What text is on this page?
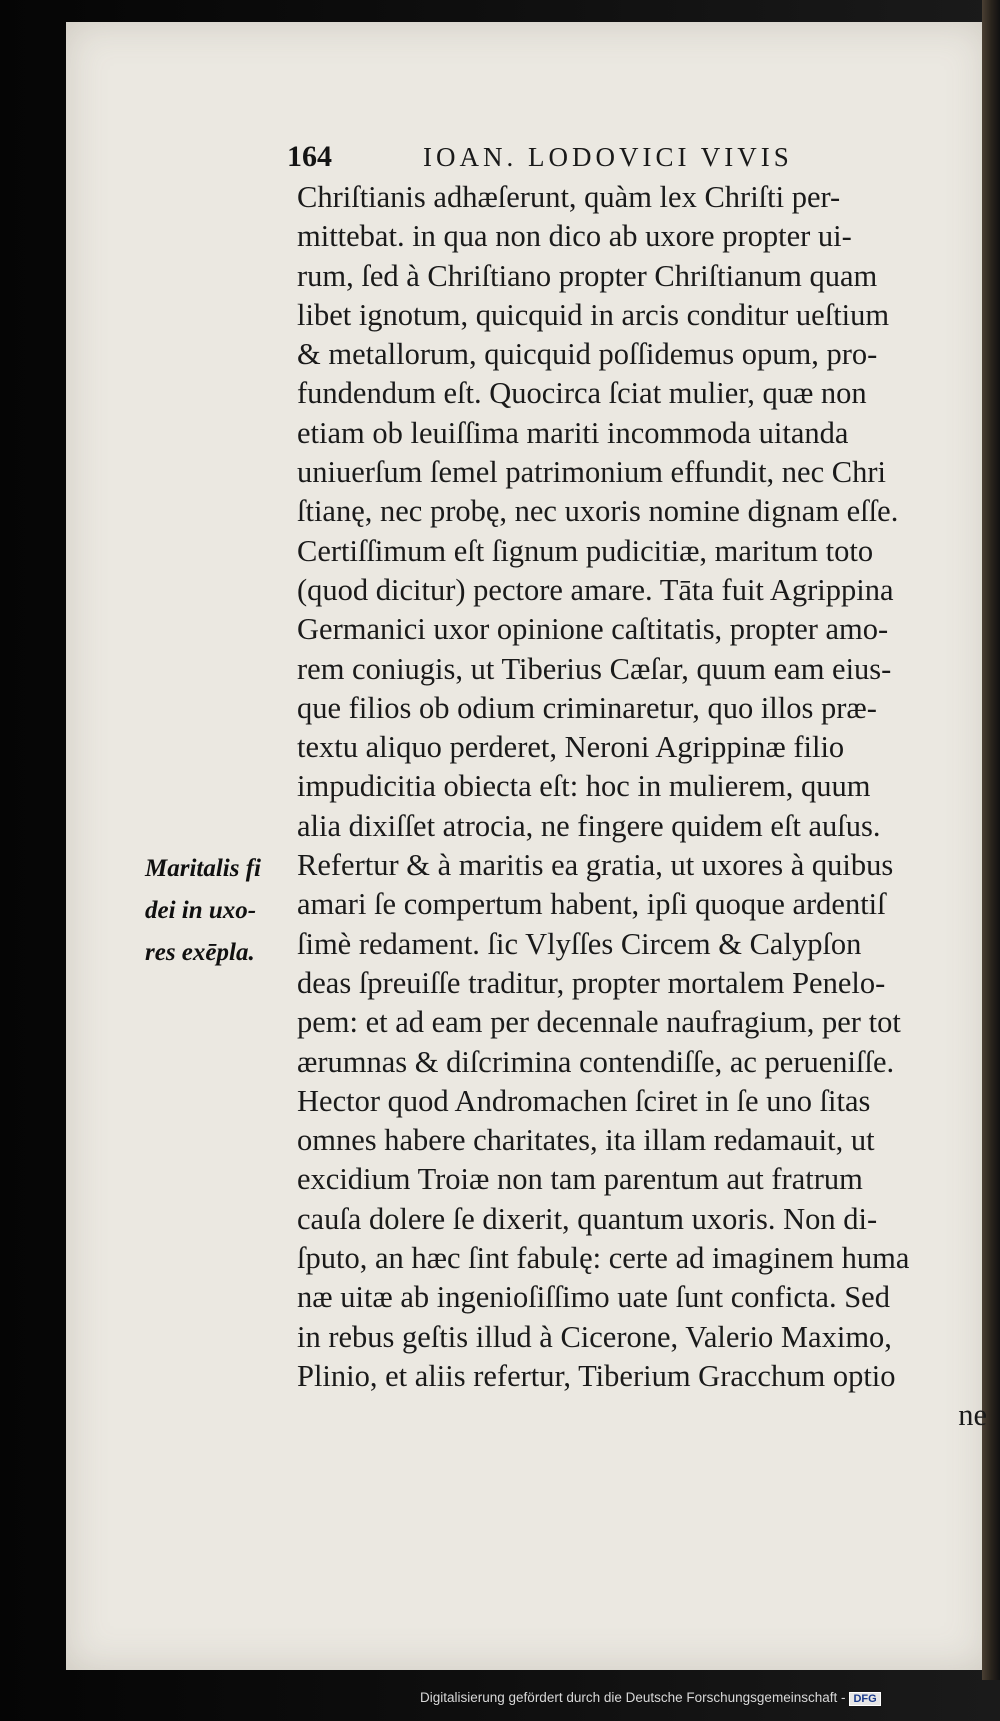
164	IOAN. LODOVICI VIVIS
Chriſtianis adhæſerunt, quàm lex Chriſti per-
mittebat. in qua non dico ab uxore propter ui-
rum, ſed à Chriſtiano propter Chriſtianum quam
libet ignotum, quicquid in arcis conditur ueſtium
& metallorum, quicquid poſſidemus opum, pro-
fundendum eſt. Quocirca ſciat mulier, quæ non
etiam ob leuiſſima mariti incommoda uitanda
uniuerſum ſemel patrimonium effundit, nec Chri
ſtianę, nec probę, nec uxoris nomine dignam eſſe.
Certiſſimum eſt ſignum pudicitiæ, maritum toto
(quod dicitur) pectore amare. Tāta fuit Agrippina
Germanici uxor opinione caſtitatis, propter amo-
rem coniugis, ut Tiberius Cæſar, quum eam eius-
que filios ob odium criminaretur, quo illos præ-
textu aliquo perderet, Neroni Agrippinæ filio
impudicitia obiecta eſt: hoc in mulierem, quum
alia dixiſſet atrocia, ne fingere quidem eſt auſus.
Refertur & à maritis ea gratia, ut uxores à quibus
amari ſe compertum habent, ipſi quoque ardentiſ
ſimè redament. ſic Vlyſſes Circem & Calypſon
deas ſpreuiſſe traditur, propter mortalem Penelo-
pem: et ad eam per decennale naufragium, per tot
ærumnas & diſcrimina contendiſſe, ac perueniſſe.
Hector quod Andromachen ſciret in ſe uno ſitas
omnes habere charitates, ita illam redamauit, ut
excidium Troiæ non tam parentum aut fratrum
cauſa dolere ſe dixerit, quantum uxoris. Non di-
ſputo, an hæc ſint fabulę: certe ad imaginem huma
næ uitæ ab ingenioſiſſimo uate ſunt conficta. Sed
in rebus geſtis illud à Cicerone, Valerio Maximo,
Plinio, et aliis refertur, Tiberium Gracchum optio
ne
Maritalis fi
dei in uxo-
res exēpla.
Digitalisierung gefördert durch die Deutsche Forschungsgemeinschaft - DFG
